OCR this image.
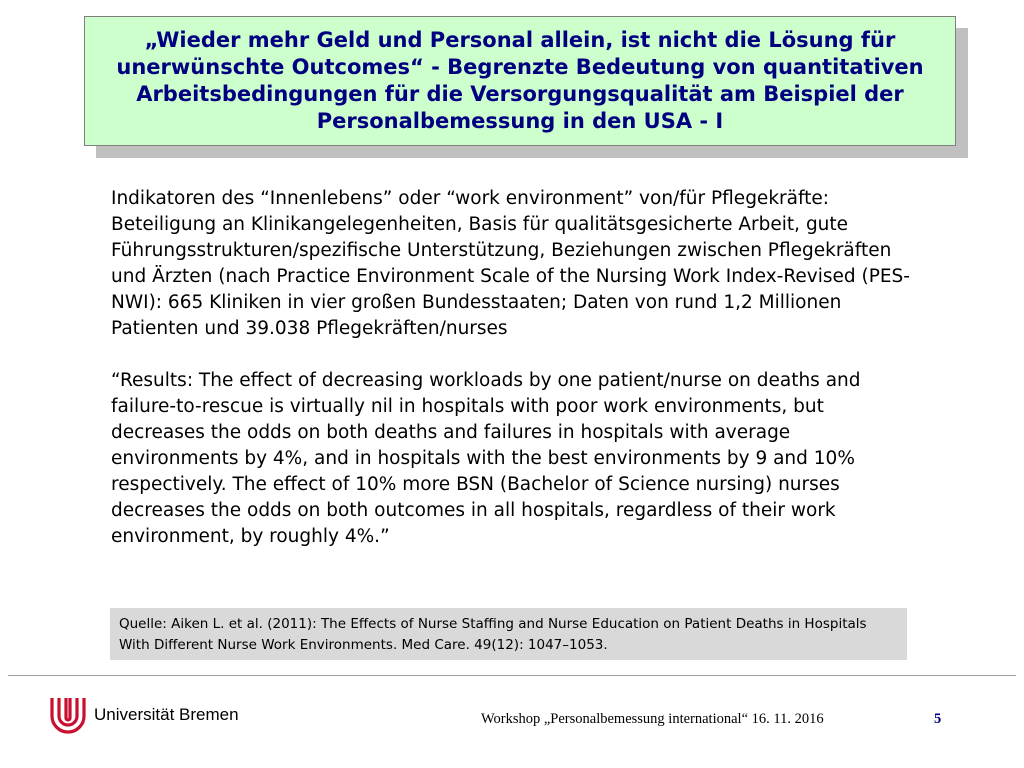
„Wieder mehr Geld und Personal allein, ist nicht die Lösung für unerwünschte Outcomes“ - Begrenzte Bedeutung von quantitativen Arbeitsbedingungen für die Versorgungsqualität am Beispiel der Personalbemessung in den USA - I

Indikatoren des “Innenlebens” oder “work environment” von/für Pflegekräfte: Beteiligung an Klinikangelegenheiten, Basis für qualitätsgesicherte Arbeit, gute Führungsstrukturen/spezifische Unterstützung, Beziehungen zwischen Pflegekräften und Ärzten (nach Practice Environment Scale of the Nursing Work Index-Revised (PES-NWI): 665 Kliniken in vier großen Bundesstaaten; Daten von rund 1,2 Millionen Patienten und 39.038 Pflegekräften/nurses

“Results: The effect of decreasing workloads by one patient/nurse on deaths and failure-to-rescue is virtually nil in hospitals with poor work environments, but decreases the odds on both deaths and failures in hospitals with average environments by 4%, and in hospitals with the best environments by 9 and 10% respectively. The effect of 10% more BSN (Bachelor of Science nursing) nurses decreases the odds on both outcomes in all hospitals, regardless of their work environment, by roughly 4%.”

Quelle: Aiken L. et al. (2011): The Effects of Nurse Staffing and Nurse Education on Patient Deaths in Hospitals With Different Nurse Work Environments. Med Care. 49(12): 1047–1053.
Universität Bremen	Workshop „Personalbemessung international“ 16. 11. 2016	5
